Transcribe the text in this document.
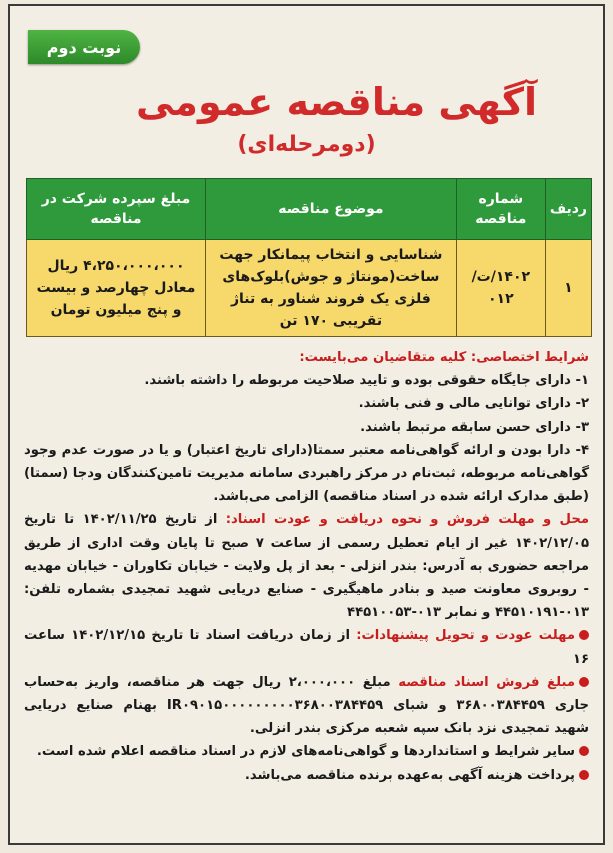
نوبت دوم
آگهی مناقصه عمومی
(دومرحله‌ای)
ردیف	شماره مناقصه	موضوع مناقصه	مبلغ سپرده شرکت در مناقصه
۱	۱۴۰۲/ت/۰۱۲	شناسایی و انتخاب پیمانکار جهت ساخت(مونتاژ و جوش)بلوک‌های فلزی یک فروند شناور به تناژ تقریبی ۱۷۰ تن	۴،۲۵۰،۰۰۰،۰۰۰ ریال معادل چهارصد و بیست و پنج میلیون تومان

شرایط اختصاصی: کلیه متقاضیان می‌بایست:

۱- دارای جایگاه حقوقی بوده و تایید صلاحیت مربوطه را داشته باشند.

۲- دارای توانایی مالی و فنی باشند.

۳- دارای حسن سابقه مرتبط باشند.

۴- دارا بودن و ارائه گواهی‌نامه معتبر سمتا(دارای تاریخ اعتبار) و یا در صورت عدم وجود گواهی‌نامه مربوطه، ثبت‌نام در مرکز راهبردی سامانه مدیریت تامین‌کنندگان ودجا (سمتا) (طبق مدارک ارائه شده در اسناد مناقصه) الزامی می‌باشد.

محل و مهلت فروش و نحوه دریافت و عودت اسناد: از تاریخ ۱۴۰۲/۱۱/۲۵ تا تاریخ ۱۴۰۲/۱۲/۰۵ غیر از ایام تعطیل رسمی از ساعت ۷ صبح تا پایان وقت اداری از طریق مراجعه حضوری به آدرس: بندر انزلی - بعد از پل ولایت - خیابان تکاوران - خیابان مهدیه - روبروی معاونت صید و بنادر ماهیگیری - صنایع دریایی شهید تمجیدی بشماره تلفن: ۰۱۳-۴۴۵۱۰۱۹۱ و نمابر ۰۱۳-۴۴۵۱۰۰۵۳

مهلت عودت و تحویل پیشنهادات: از زمان دریافت اسناد تا تاریخ ۱۴۰۲/۱۲/۱۵ ساعت ۱۶

مبلغ فروش اسناد مناقصه مبلغ ۲،۰۰۰،۰۰۰ ریال جهت هر مناقصه، واریز به‌حساب جاری ۳۶۸۰۰۳۸۴۴۵۹ و شبای IR۰۹۰۱۵۰۰۰۰۰۰۰۰۰۳۶۸۰۰۳۸۴۴۵۹ بهنام صنایع دریایی شهید تمجیدی نزد بانک سپه شعبه مرکزی بندر انزلی.

سایر شرایط و استانداردها و گواهی‌نامه‌های لازم در اسناد مناقصه اعلام شده است.

پرداخت هزینه آگهی به‌عهده برنده مناقصه می‌باشد.
